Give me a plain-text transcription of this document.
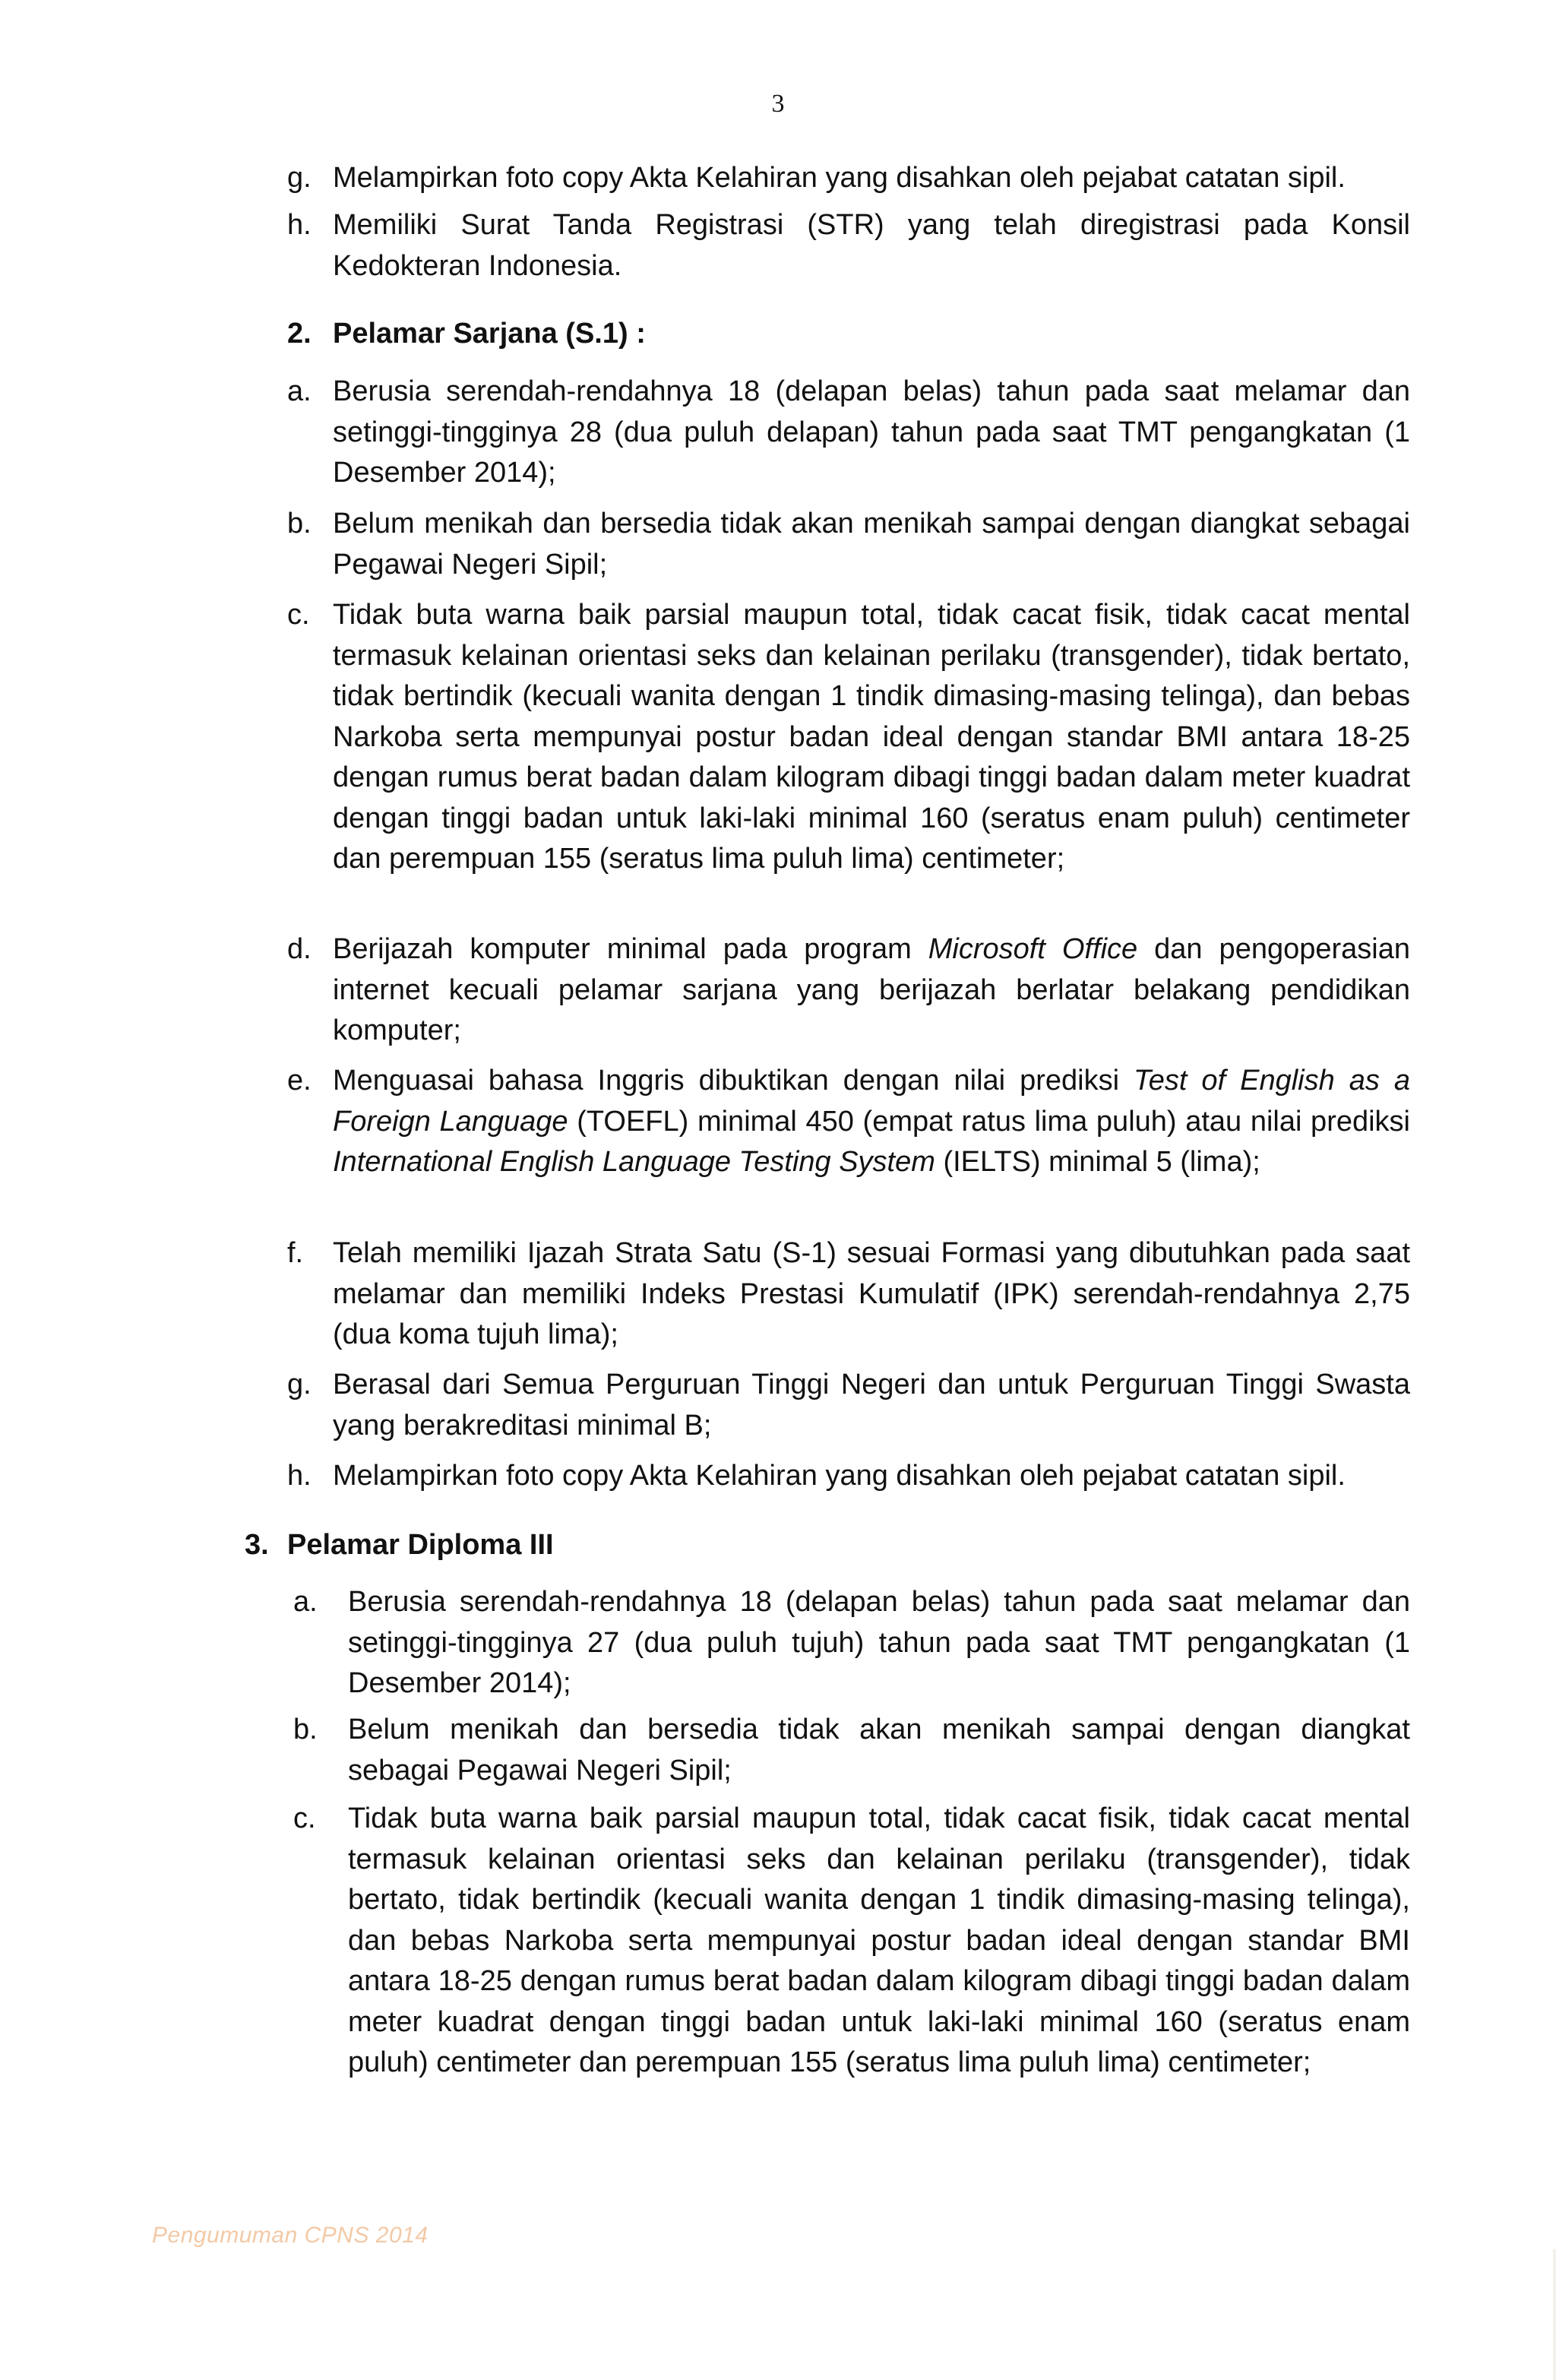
3
g. Melampirkan foto copy Akta Kelahiran yang disahkan oleh pejabat catatan sipil.
h. Memiliki Surat Tanda Registrasi (STR) yang telah diregistrasi pada Konsil Kedokteran Indonesia.
2. Pelamar Sarjana (S.1) :
a. Berusia serendah-rendahnya 18 (delapan belas) tahun pada saat melamar dan setinggi-tingginya 28 (dua puluh delapan) tahun pada saat TMT pengangkatan (1 Desember 2014);
b. Belum menikah dan bersedia tidak akan menikah sampai dengan diangkat sebagai Pegawai Negeri Sipil;
c. Tidak buta warna baik parsial maupun total, tidak cacat fisik, tidak cacat mental termasuk kelainan orientasi seks dan kelainan perilaku (transgender), tidak bertato, tidak bertindik (kecuali wanita dengan 1 tindik dimasing-masing telinga), dan bebas Narkoba serta mempunyai postur badan ideal dengan standar BMI antara 18-25 dengan rumus berat badan dalam kilogram dibagi tinggi badan dalam meter kuadrat dengan tinggi badan untuk laki-laki minimal 160 (seratus enam puluh) centimeter dan perempuan 155 (seratus lima puluh lima) centimeter;
d. Berijazah komputer minimal pada program Microsoft Office dan pengoperasian internet kecuali pelamar sarjana yang berijazah berlatar belakang pendidikan komputer;
e. Menguasai bahasa Inggris dibuktikan dengan nilai prediksi Test of English as a Foreign Language (TOEFL) minimal 450 (empat ratus lima puluh) atau nilai prediksi International English Language Testing System (IELTS) minimal 5 (lima);
f. Telah memiliki Ijazah Strata Satu (S-1) sesuai Formasi yang dibutuhkan pada saat melamar dan memiliki Indeks Prestasi Kumulatif (IPK) serendah-rendahnya 2,75 (dua koma tujuh lima);
g. Berasal dari Semua Perguruan Tinggi Negeri dan untuk Perguruan Tinggi Swasta yang berakreditasi minimal B;
h. Melampirkan foto copy Akta Kelahiran yang disahkan oleh pejabat catatan sipil.
3. Pelamar Diploma III
a. Berusia serendah-rendahnya 18 (delapan belas) tahun pada saat melamar dan setinggi-tingginya 27 (dua puluh tujuh) tahun pada saat TMT pengangkatan (1 Desember 2014);
b. Belum menikah dan bersedia tidak akan menikah sampai dengan diangkat sebagai Pegawai Negeri Sipil;
c. Tidak buta warna baik parsial maupun total, tidak cacat fisik, tidak cacat mental termasuk kelainan orientasi seks dan kelainan perilaku (transgender), tidak bertato, tidak bertindik (kecuali wanita dengan 1 tindik dimasing-masing telinga), dan bebas Narkoba serta mempunyai postur badan ideal dengan standar BMI antara 18-25 dengan rumus berat badan dalam kilogram dibagi tinggi badan dalam meter kuadrat dengan tinggi badan untuk laki-laki minimal 160 (seratus enam puluh) centimeter dan perempuan 155 (seratus lima puluh lima) centimeter;
Pengumuman CPNS 2014
